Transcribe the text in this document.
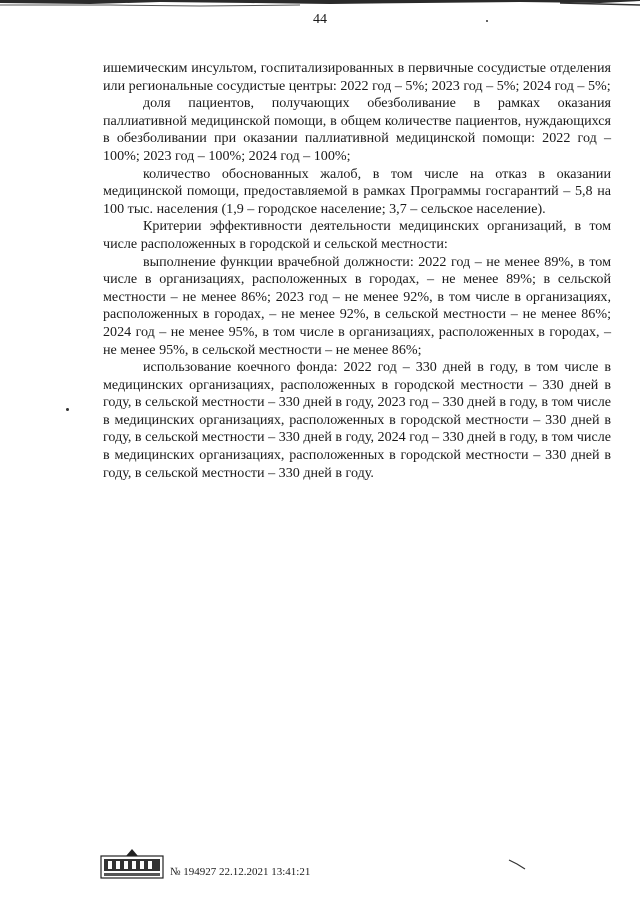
44

ишемическим инсультом, госпитализированных в первичные сосудистые отделения или региональные сосудистые центры: 2022 год – 5%; 2023 год – 5%; 2024 год – 5%;

доля пациентов, получающих обезболивание в рамках оказания паллиативной медицинской помощи, в общем количестве пациентов, нуждающихся в обезболивании при оказании паллиативной медицинской помощи: 2022 год – 100%; 2023 год – 100%; 2024 год – 100%;

количество обоснованных жалоб, в том числе на отказ в оказании медицинской помощи, предоставляемой в рамках Программы госгарантий – 5,8 на 100 тыс. населения (1,9 – городское население; 3,7 – сельское население).

Критерии эффективности деятельности медицинских организаций, в том числе расположенных в городской и сельской местности:

выполнение функции врачебной должности: 2022 год – не менее 89%, в том числе в организациях, расположенных в городах, – не менее 89%; в сельской местности – не менее 86%; 2023 год – не менее 92%, в том числе в организациях, расположенных в городах, – не менее 92%, в сельской местности – не менее 86%; 2024 год – не менее 95%, в том числе в организациях, расположенных в городах, – не менее 95%, в сельской местности – не менее 86%;

использование коечного фонда: 2022 год – 330 дней в году, в том числе в медицинских организациях, расположенных в городской местности – 330 дней в году, в сельской местности – 330 дней в году, 2023 год – 330 дней в году, в том числе в медицинских организациях, расположенных в городской местности – 330 дней в году, в сельской местности – 330 дней в году, 2024 год – 330 дней в году, в том числе в медицинских организациях, расположенных в городской местности – 330 дней в году, в сельской местности – 330 дней в году.

№ 194927 22.12.2021 13:41:21
